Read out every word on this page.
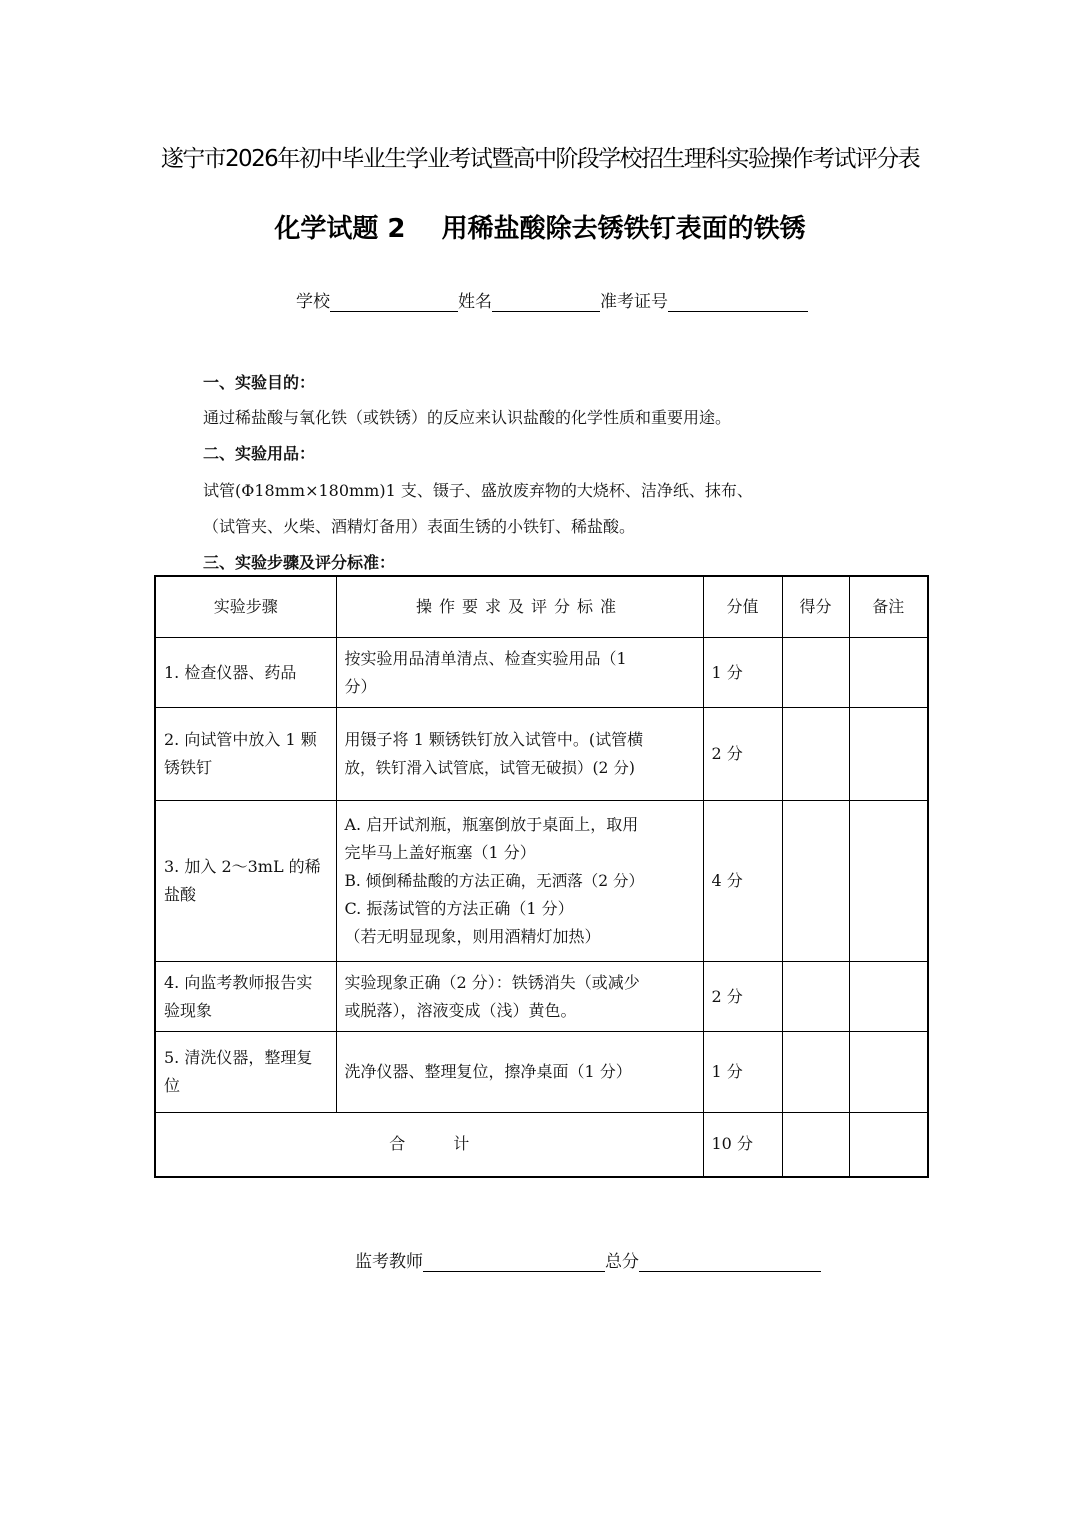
遂宁市2026年初中毕业生学业考试暨高中阶段学校招生理科实验操作考试评分表
化学试题 2    用稀盐酸除去锈铁钉表面的铁锈
学校	姓名	准考证号
一、实验目的：
通过稀盐酸与氧化铁（或铁锈）的反应来认识盐酸的化学性质和重要用途。
二、实验用品：
试管(Φ18mm×180mm)1 支、镊子、盛放废弃物的大烧杯、洁净纸、抹布、
（试管夹、火柴、酒精灯备用）表面生锈的小铁钉、稀盐酸。
三、实验步骤及评分标准：
实验步骤	操作要求及评分标准	分值	得分	备注
1. 检查仪器、药品	按实验用品清单清点、检查实验用品（1
分）	1 分		
2. 向试管中放入 1 颗锈铁钉	用镊子将 1 颗锈铁钉放入试管中。(试管横
放，铁钉滑入试管底，试管无破损）(2 分)	2 分		
3. 加入 2～3mL 的稀盐酸	A. 启开试剂瓶，瓶塞倒放于桌面上，取用
完毕马上盖好瓶塞（1 分）
B. 倾倒稀盐酸的方法正确，无洒落（2 分）
C. 振荡试管的方法正确（1 分）
（若无明显现象，则用酒精灯加热）	4 分		
4. 向监考教师报告实验现象	实验现象正确（2 分）：铁锈消失（或减少
或脱落），溶液变成（浅）黄色。	2 分		
5. 清洗仪器，整理复位	洗净仪器、整理复位，擦净桌面（1 分）	1 分		
合 计		10 分		
监考教师	总分
